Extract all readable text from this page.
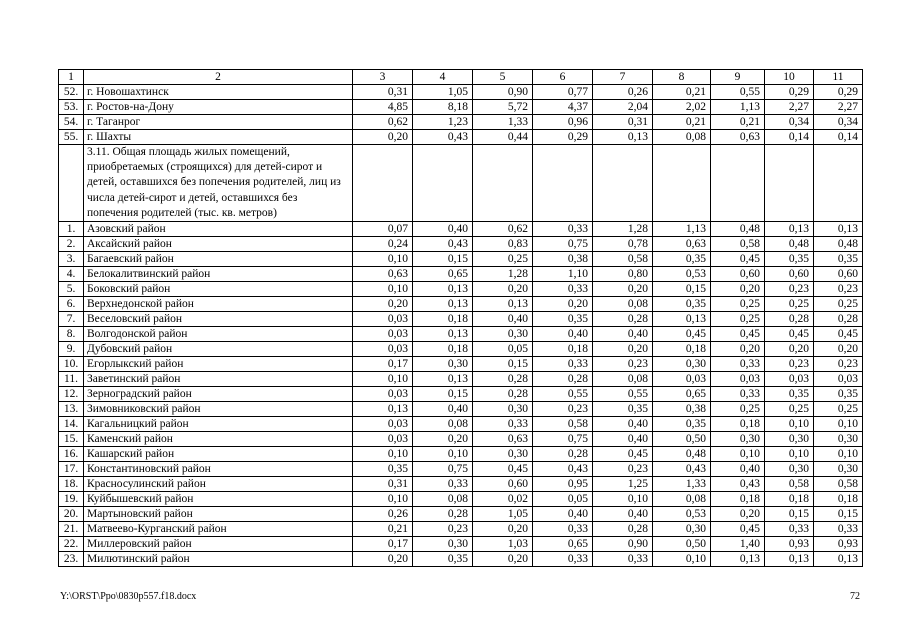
1	2	3	4	5	6	7	8	9	10	11
52.	г. Новошахтинск	0,31	1,05	0,90	0,77	0,26	0,21	0,55	0,29	0,29
53.	г. Ростов-на-Дону	4,85	8,18	5,72	4,37	2,04	2,02	1,13	2,27	2,27
54.	г. Таганрог	0,62	1,23	1,33	0,96	0,31	0,21	0,21	0,34	0,34
55.	г. Шахты	0,20	0,43	0,44	0,29	0,13	0,08	0,63	0,14	0,14
	3.11. Общая площадь жилых помещений, приобретаемых (строящихся) для детей-сирот и детей, оставшихся без попечения родителей, лиц из числа детей-сирот и детей, оставшихся без попечения родителей (тыс. кв. метров)									
1.	Азовский район	0,07	0,40	0,62	0,33	1,28	1,13	0,48	0,13	0,13
2.	Аксайский район	0,24	0,43	0,83	0,75	0,78	0,63	0,58	0,48	0,48
3.	Багаевский район	0,10	0,15	0,25	0,38	0,58	0,35	0,45	0,35	0,35
4.	Белокалитвинский район	0,63	0,65	1,28	1,10	0,80	0,53	0,60	0,60	0,60
5.	Боковский район	0,10	0,13	0,20	0,33	0,20	0,15	0,20	0,23	0,23
6.	Верхнедонской район	0,20	0,13	0,13	0,20	0,08	0,35	0,25	0,25	0,25
7.	Веселовский район	0,03	0,18	0,40	0,35	0,28	0,13	0,25	0,28	0,28
8.	Волгодонской район	0,03	0,13	0,30	0,40	0,40	0,45	0,45	0,45	0,45
9.	Дубовский район	0,03	0,18	0,05	0,18	0,20	0,18	0,20	0,20	0,20
10.	Егорлыкский район	0,17	0,30	0,15	0,33	0,23	0,30	0,33	0,23	0,23
11.	Заветинский район	0,10	0,13	0,28	0,28	0,08	0,03	0,03	0,03	0,03
12.	Зерноградский район	0,03	0,15	0,28	0,55	0,55	0,65	0,33	0,35	0,35
13.	Зимовниковский район	0,13	0,40	0,30	0,23	0,35	0,38	0,25	0,25	0,25
14.	Кагальницкий район	0,03	0,08	0,33	0,58	0,40	0,35	0,18	0,10	0,10
15.	Каменский район	0,03	0,20	0,63	0,75	0,40	0,50	0,30	0,30	0,30
16.	Кашарский район	0,10	0,10	0,30	0,28	0,45	0,48	0,10	0,10	0,10
17.	Константиновский район	0,35	0,75	0,45	0,43	0,23	0,43	0,40	0,30	0,30
18.	Красносулинский район	0,31	0,33	0,60	0,95	1,25	1,33	0,43	0,58	0,58
19.	Куйбышевский район	0,10	0,08	0,02	0,05	0,10	0,08	0,18	0,18	0,18
20.	Мартыновский район	0,26	0,28	1,05	0,40	0,40	0,53	0,20	0,15	0,15
21.	Матвеево-Курганский район	0,21	0,23	0,20	0,33	0,28	0,30	0,45	0,33	0,33
22.	Миллеровский район	0,17	0,30	1,03	0,65	0,90	0,50	1,40	0,93	0,93
23.	Милютинский район	0,20	0,35	0,20	0,33	0,33	0,10	0,13	0,13	0,13
Y:\ORST\Ppo\0830p557.f18.docx	72
